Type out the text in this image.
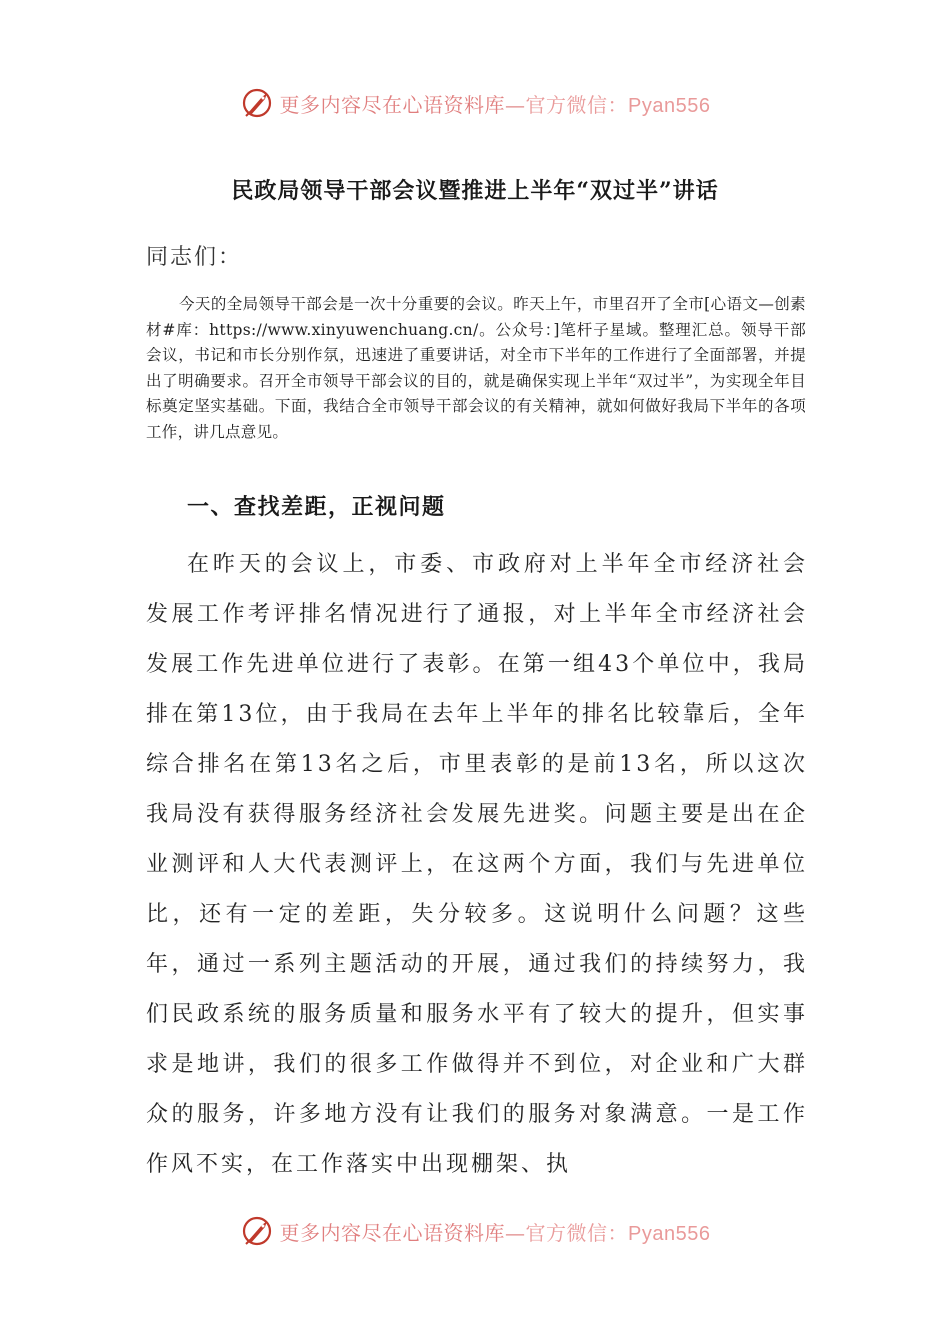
更多内容尽在心语资料库—官方微信：Pyan556
民政局领导干部会议暨推进上半年“双过半”讲话
同志们：
今天的全局领导干部会是一次十分重要的会议。昨天上午，市里召开了全市[心语文—创素材#库：https://www.xinyuwenchuang.cn/。公众号：]笔杆子星域。整理汇总。领导干部会议，书记和市长分别作氛，迅速进了重要讲话，对全市下半年的工作进行了全面部署，并提出了明确要求。召开全市领导干部会议的目的，就是确保实现上半年“双过半”，为实现全年目标奠定坚实基础。下面，我结合全市领导干部会议的有关精神，就如何做好我局下半年的各项工作，讲几点意见。
一、查找差距，正视问题
在昨天的会议上，市委、市政府对上半年全市经济社会发展工作考评排名情况进行了通报，对上半年全市经济社会发展工作先进单位进行了表彰。在第一组43个单位中，我局排在第13位，由于我局在去年上半年的排名比较靠后，全年综合排名在第13名之后，市里表彰的是前13名，所以这次我局没有获得服务经济社会发展先进奖。问题主要是出在企业测评和人大代表测评上，在这两个方面，我们与先进单位比，还有一定的差距，失分较多。这说明什么问题？这些年，通过一系列主题活动的开展，通过我们的持续努力，我们民政系统的服务质量和服务水平有了较大的提升，但实事求是地讲，我们的很多工作做得并不到位，对企业和广大群众的服务，许多地方没有让我们的服务对象满意。一是工作作风不实，在工作落实中出现棚架、执
更多内容尽在心语资料库—官方微信：Pyan556
